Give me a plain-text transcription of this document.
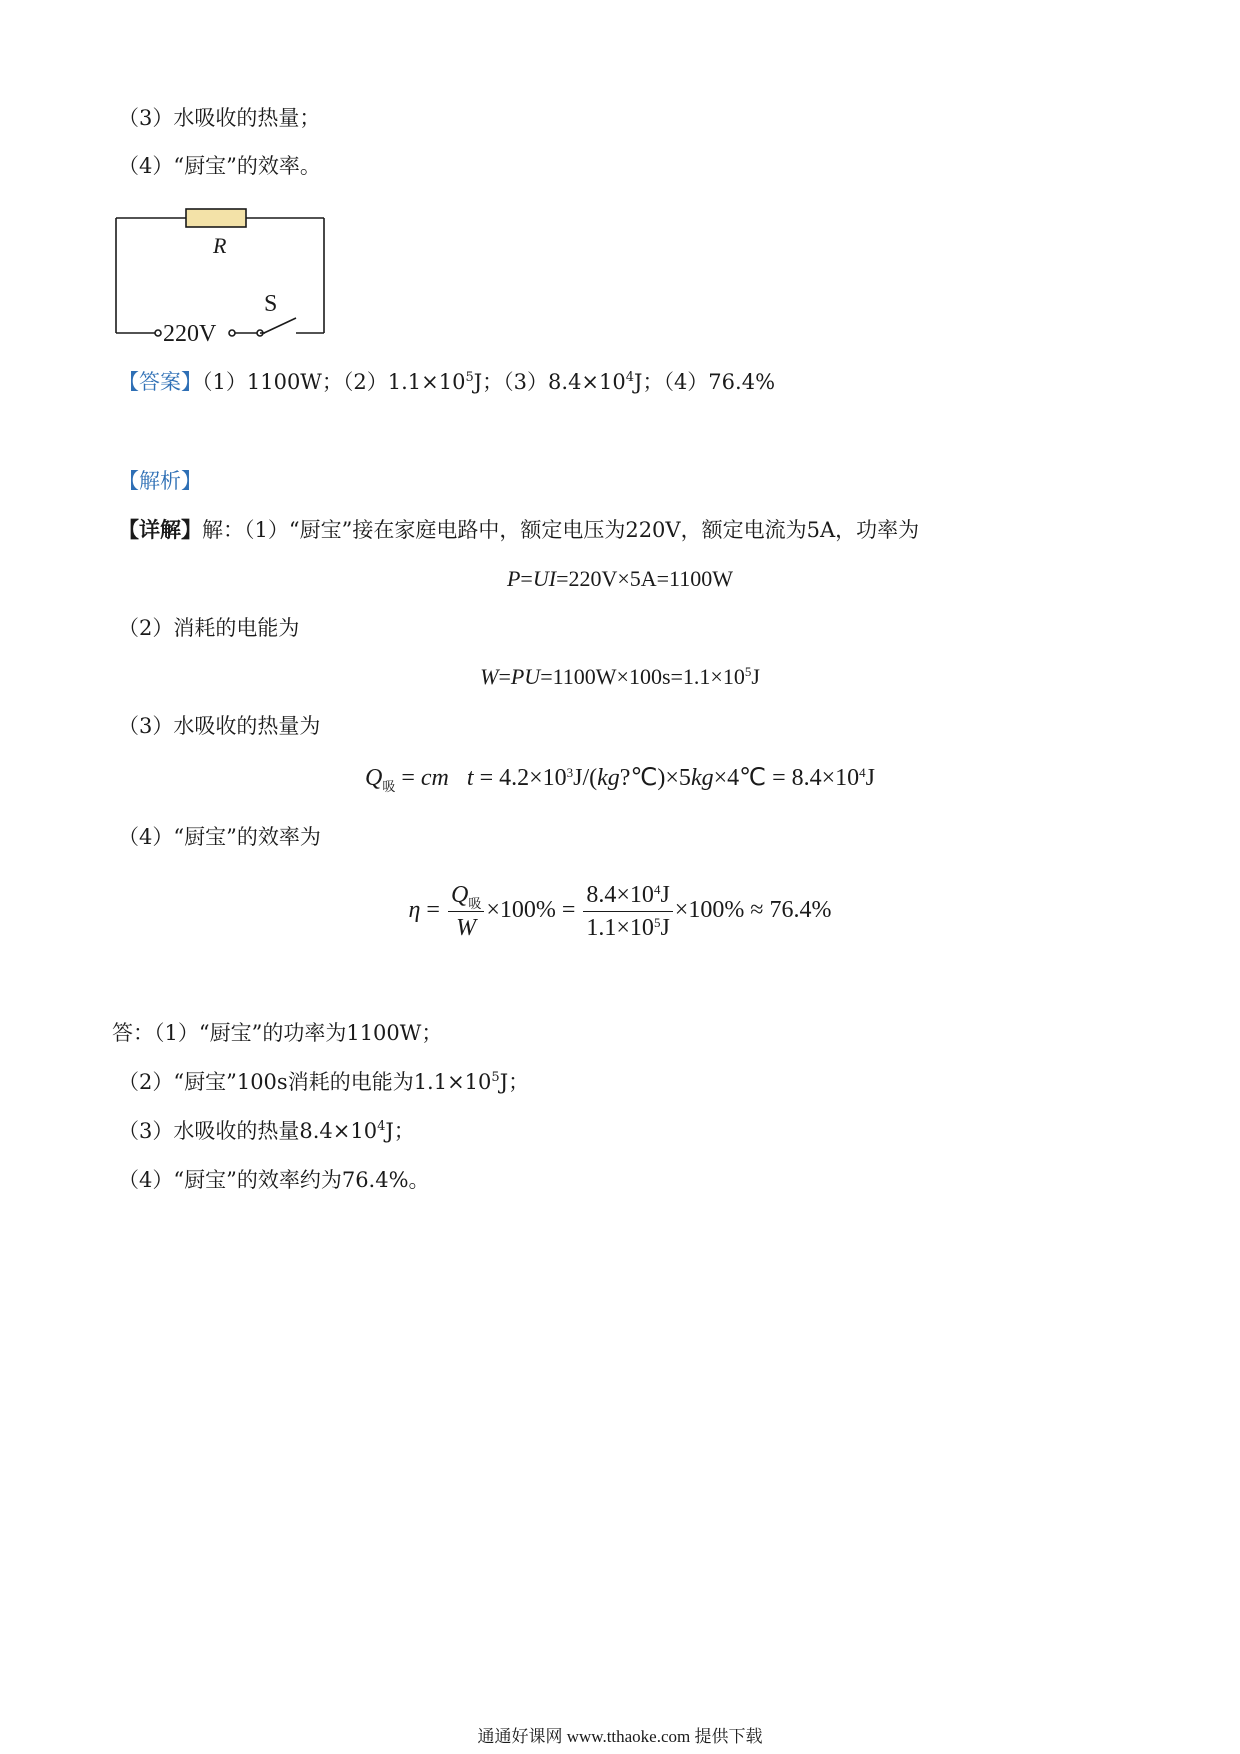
（3）水吸收的热量；
（4）“厨宝”的效率。
R
220V
S
【答案】（1）1100W；$(2)1.1\times 10^5J$；$(3)8.4\times 10^4J$；（4）76.4%
【解析】
【详解】解：（1）“厨宝”接在家庭电路中，额定电压为220V，额定电流为5A，功率为
P=UI=220V×5A=1100W
（2）消耗的电能为
$W=PU=1100W\times 100s=1.1\times 10^5J$
（3）水吸收的热量为
$Q_吸$ = cm $t = 4.2\times 10^3J/(kg?℃)\times 5kg\times 4℃ = 8.4\times 10^4J$
（4）“厨宝”的效率为
$\eta = \frac{Q_吸}{W} \times 100\% = \frac{8.4\times 10^4J}{1.1\times 10^5J} \times 100\% \approx 76.4\%$
答：（1）“厨宝”的功率为1100W；
（2）“厨宝”100s消耗的电能为$1.1\times 10^5J$；
（3）水吸收的热量$8.4\times 10^4J$；
（4）“厨宝”的效率约为76.4%。
通通好课网 www.tthaoke.com 提供下载
